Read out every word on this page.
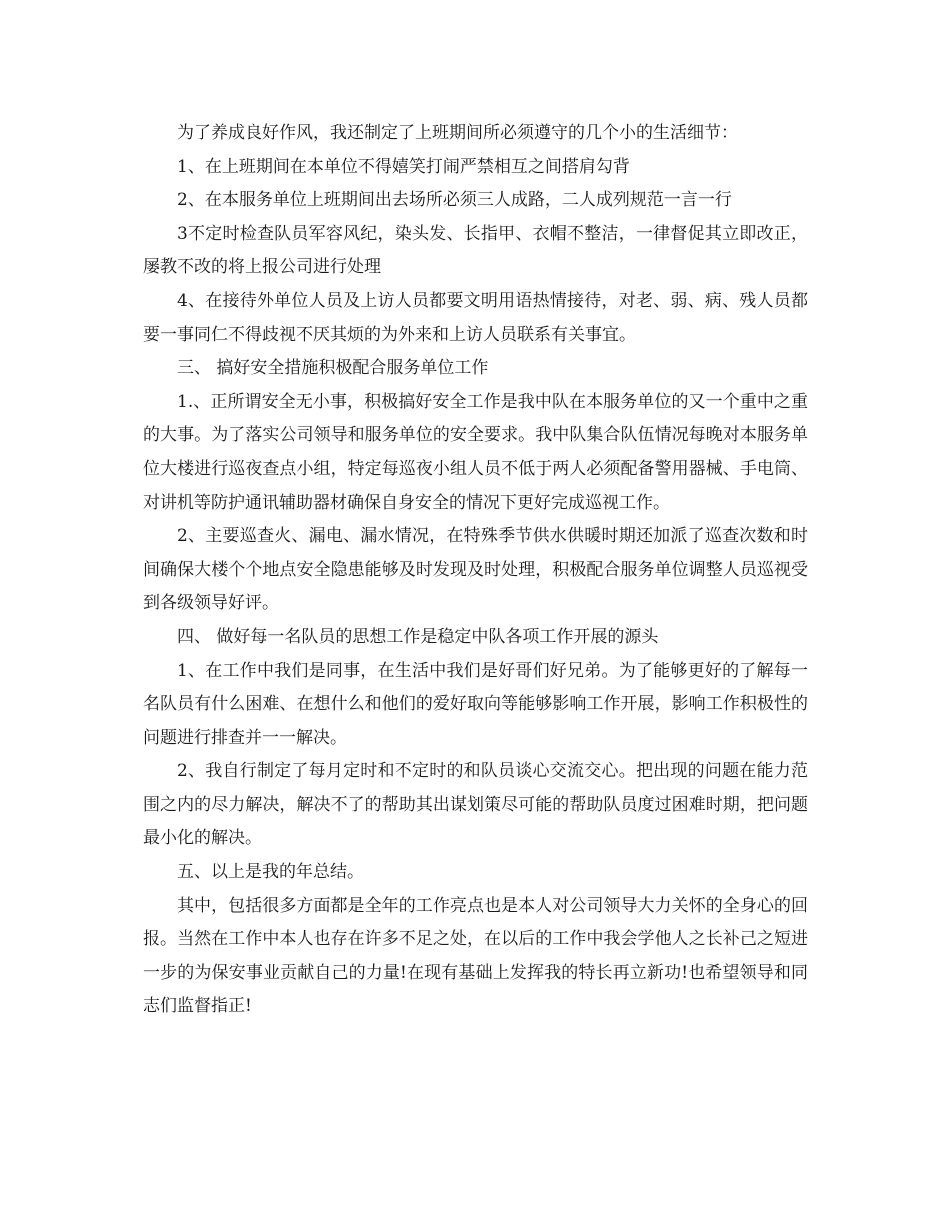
为了养成良好作风，我还制定了上班期间所必须遵守的几个小的生活细节：

1、在上班期间在本单位不得嬉笑打闹严禁相互之间搭肩勾背

2、在本服务单位上班期间出去场所必须三人成路，二人成列规范一言一行

3不定时检查队员军容风纪，染头发、长指甲、衣帽不整洁，一律督促其立即改正，屡教不改的将上报公司进行处理

4、在接待外单位人员及上访人员都要文明用语热情接待，对老、弱、病、残人员都要一事同仁不得歧视不厌其烦的为外来和上访人员联系有关事宜。

三、 搞好安全措施积极配合服务单位工作

1.、正所谓安全无小事，积极搞好安全工作是我中队在本服务单位的又一个重中之重的大事。为了落实公司领导和服务单位的安全要求。我中队集合队伍情况每晚对本服务单位大楼进行巡夜查点小组，特定每巡夜小组人员不低于两人必须配备警用器械、手电筒、对讲机等防护通讯辅助器材确保自身安全的情况下更好完成巡视工作。

2、主要巡查火、漏电、漏水情况，在特殊季节供水供暖时期还加派了巡查次数和时间确保大楼个个地点安全隐患能够及时发现及时处理，积极配合服务单位调整人员巡视受到各级领导好评。

四、 做好每一名队员的思想工作是稳定中队各项工作开展的源头

1、在工作中我们是同事，在生活中我们是好哥们好兄弟。为了能够更好的了解每一名队员有什么困难、在想什么和他们的爱好取向等能够影响工作开展，影响工作积极性的问题进行排查并一一解决。

2、我自行制定了每月定时和不定时的和队员谈心交流交心。把出现的问题在能力范围之内的尽力解决，解决不了的帮助其出谋划策尽可能的帮助队员度过困难时期，把问题最小化的解决。

五、以上是我的年总结。

其中，包括很多方面都是全年的工作亮点也是本人对公司领导大力关怀的全身心的回报。当然在工作中本人也存在许多不足之处，在以后的工作中我会学他人之长补己之短进一步的为保安事业贡献自己的力量!在现有基础上发挥我的特长再立新功!也希望领导和同志们监督指正!
